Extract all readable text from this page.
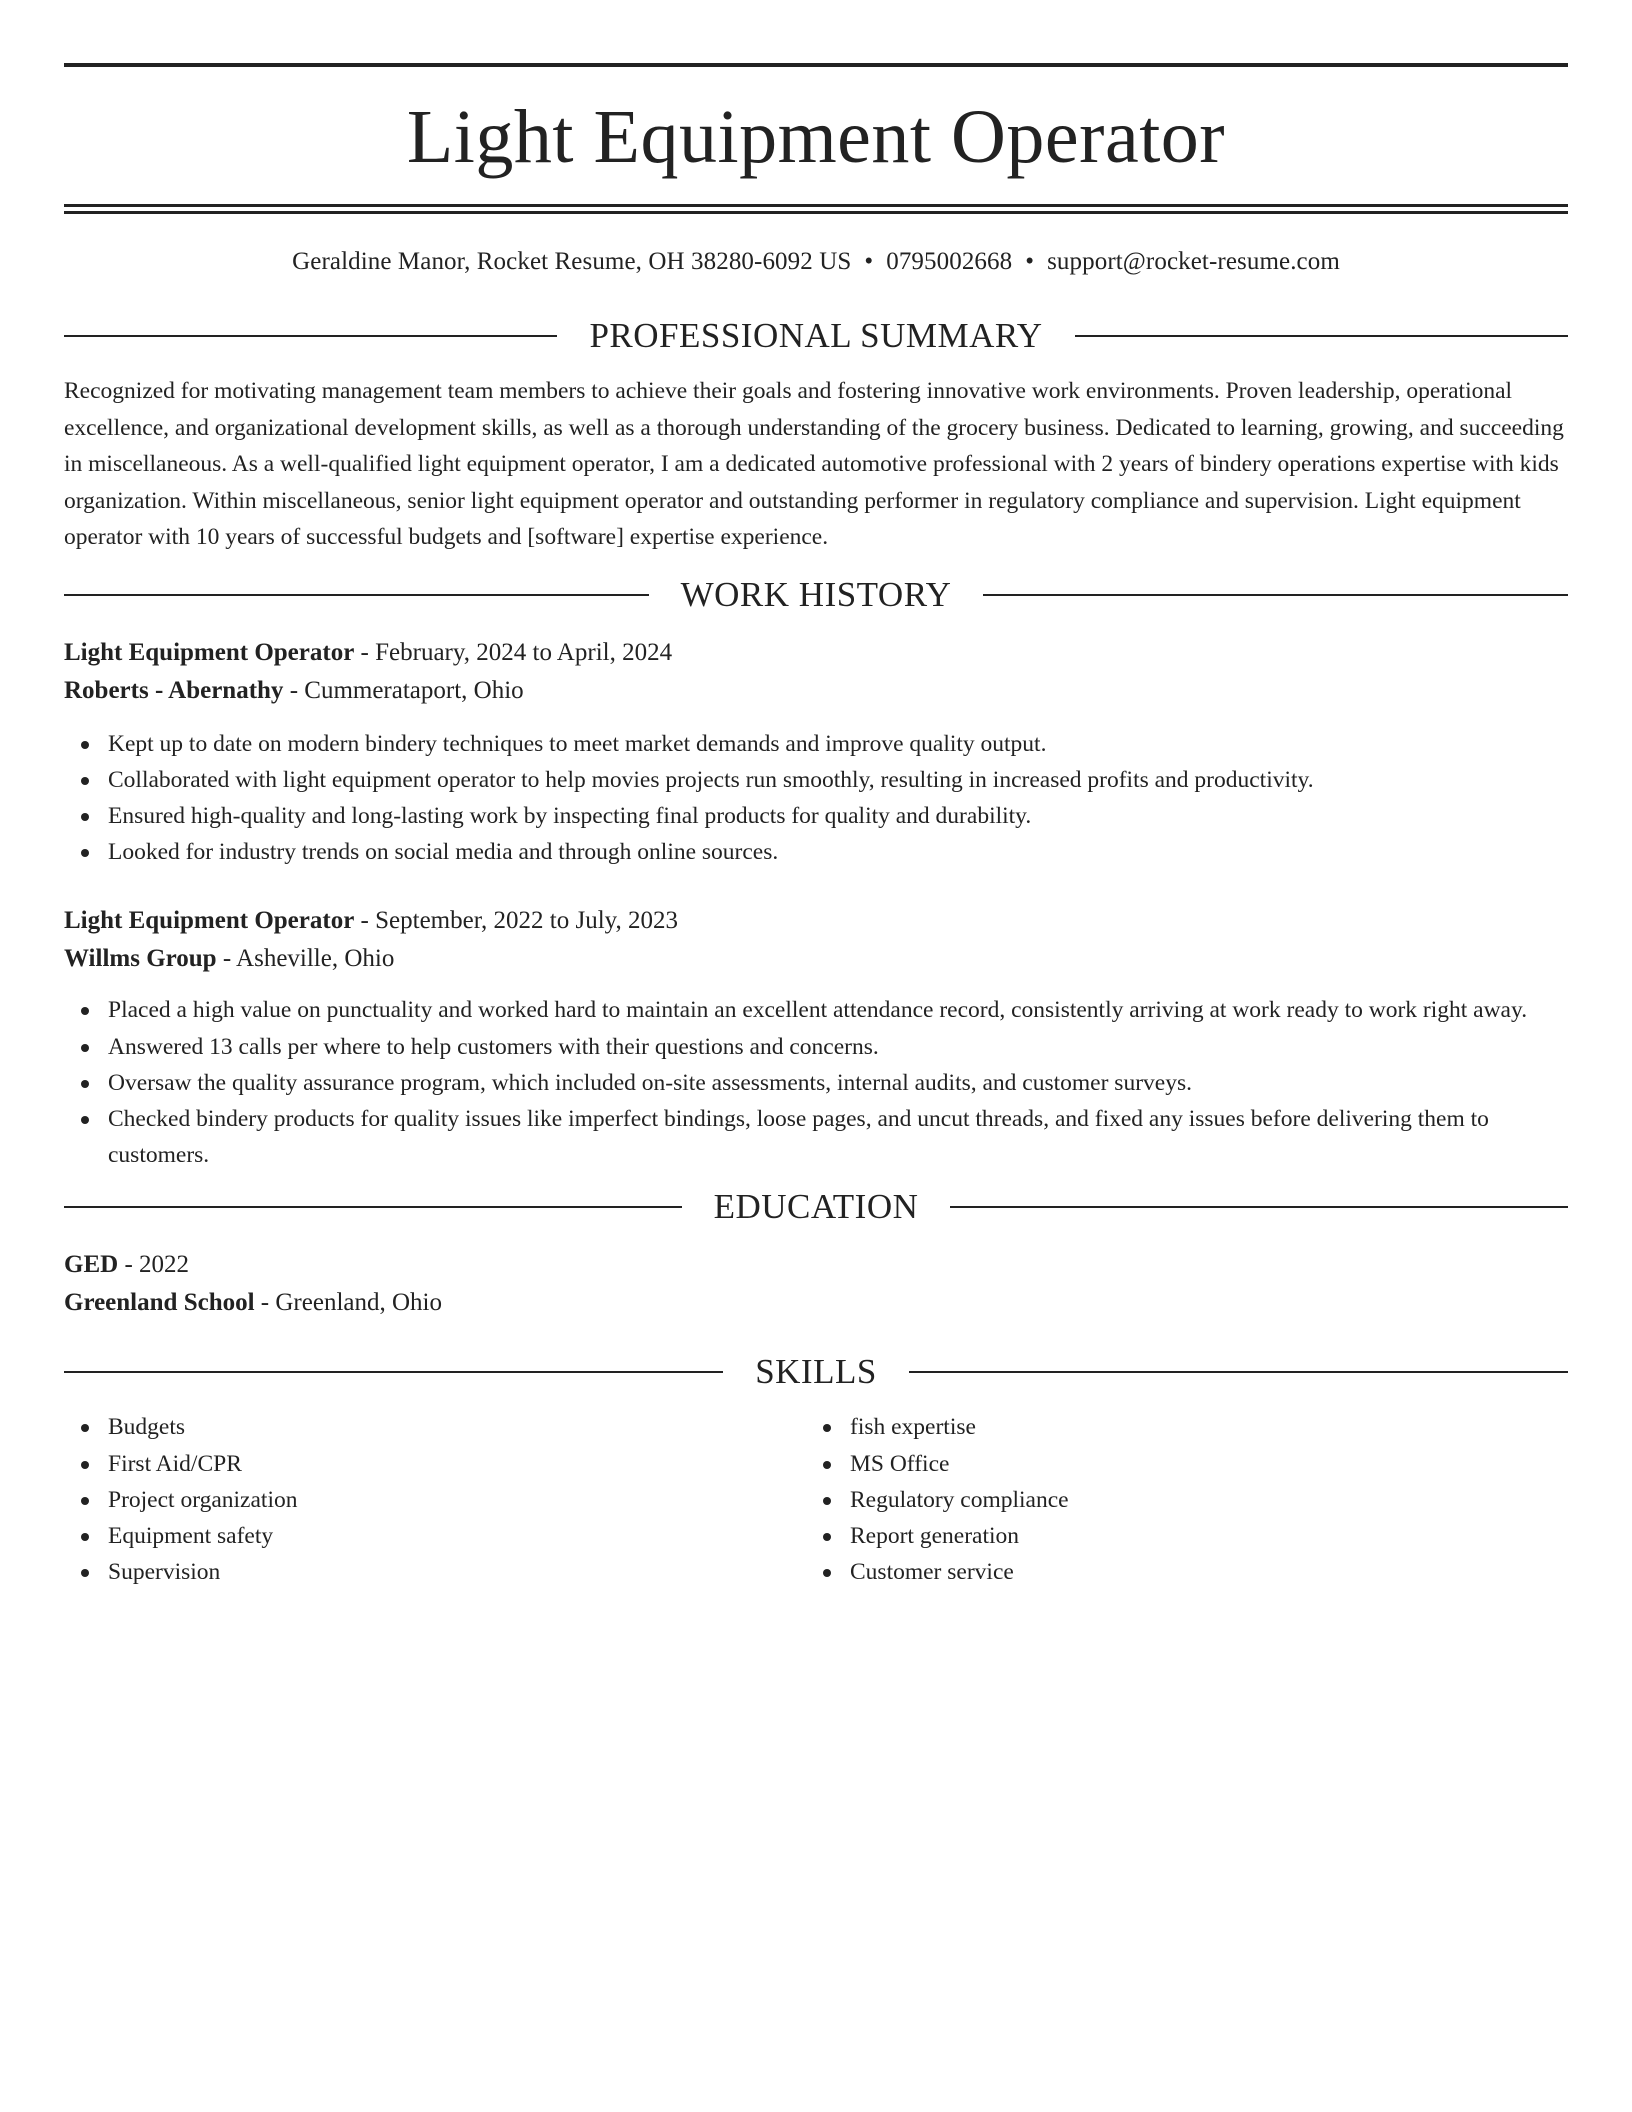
Light Equipment Operator
Geraldine Manor, Rocket Resume, OH 38280-6092 US • 0795002668 • support@rocket-resume.com
PROFESSIONAL SUMMARY
Recognized for motivating management team members to achieve their goals and fostering innovative work environments. Proven leadership, operational excellence, and organizational development skills, as well as a thorough understanding of the grocery business. Dedicated to learning, growing, and succeeding in miscellaneous. As a well-qualified light equipment operator, I am a dedicated automotive professional with 2 years of bindery operations expertise with kids organization. Within miscellaneous, senior light equipment operator and outstanding performer in regulatory compliance and supervision. Light equipment operator with 10 years of successful budgets and [software] expertise experience.
WORK HISTORY
Light Equipment Operator - February, 2024 to April, 2024
Roberts - Abernathy - Cummerataport, Ohio
Kept up to date on modern bindery techniques to meet market demands and improve quality output.
Collaborated with light equipment operator to help movies projects run smoothly, resulting in increased profits and productivity.
Ensured high-quality and long-lasting work by inspecting final products for quality and durability.
Looked for industry trends on social media and through online sources.
Light Equipment Operator - September, 2022 to July, 2023
Willms Group - Asheville, Ohio
Placed a high value on punctuality and worked hard to maintain an excellent attendance record, consistently arriving at work ready to work right away.
Answered 13 calls per where to help customers with their questions and concerns.
Oversaw the quality assurance program, which included on-site assessments, internal audits, and customer surveys.
Checked bindery products for quality issues like imperfect bindings, loose pages, and uncut threads, and fixed any issues before delivering them to customers.
EDUCATION
GED - 2022
Greenland School - Greenland, Ohio
SKILLS
Budgets
First Aid/CPR
Project organization
Equipment safety
Supervision
fish expertise
MS Office
Regulatory compliance
Report generation
Customer service
